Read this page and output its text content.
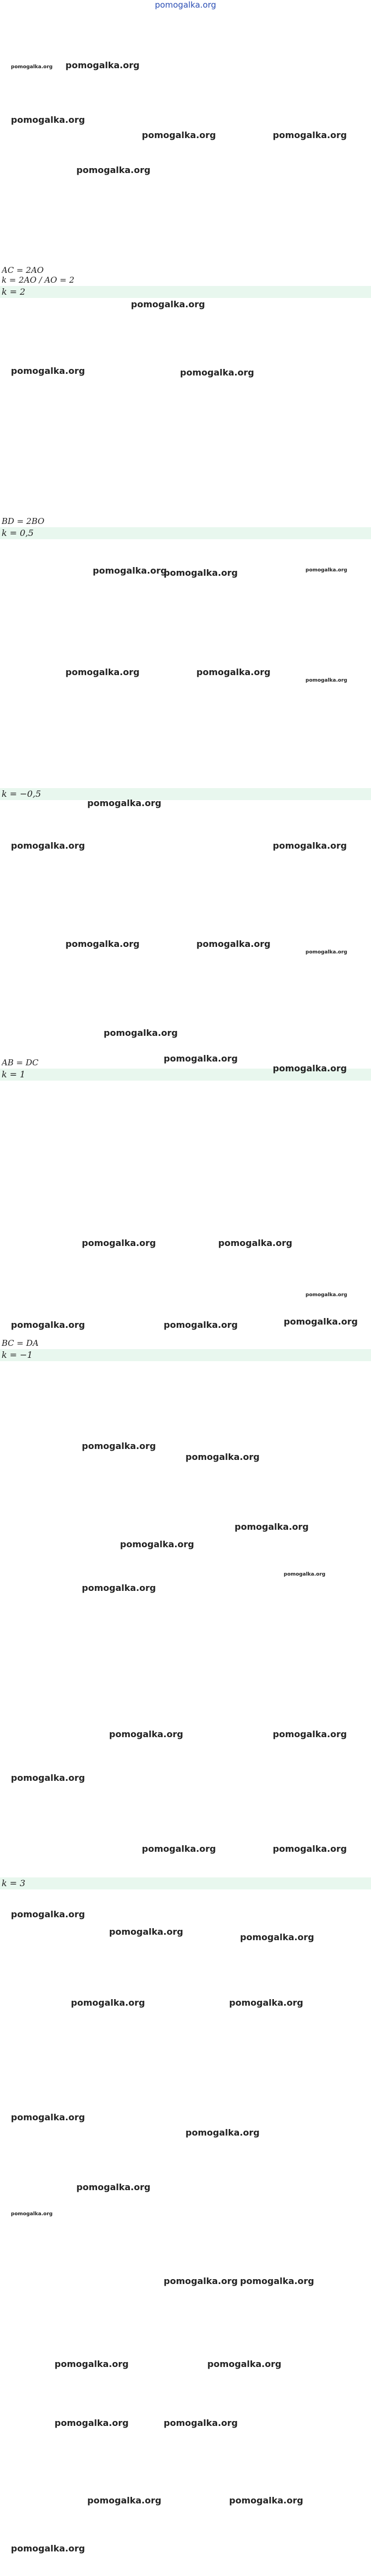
pomogalka.org
AC = 2AO
k = 2AO / AO = 2
k = 2
BD = 2BO
k = 0,5
k = −0,5
AB = DC
k = 1
BC = DA
k = −1
k = 3
pomogalka.org
pomogalka.org
pomogalka.org	pomogalka.org
pomogalka.org
pomogalka.org
pomogalka.org
pomogalka.org	pomogalka.org
pomogalka.org
pomogalka.org	pomogalka.org
pomogalka.org	pomogalka.org
pomogalka.org
pomogalka.org
pomogalka.org	pomogalka.org
pomogalka.org	pomogalka.org
pomogalka.org
pomogalka.org
pomogalka.org
pomogalka.org
pomogalka.org	pomogalka.org
pomogalka.org
pomogalka.org	pomogalka.org	pomogalka.org
pomogalka.org
pomogalka.org
pomogalka.org
pomogalka.org
pomogalka.org
pomogalka.org
pomogalka.org	pomogalka.org
pomogalka.org
pomogalka.org	pomogalka.org
pomogalka.org
pomogalka.org
pomogalka.org
pomogalka.org	pomogalka.org
pomogalka.org
pomogalka.org
pomogalka.org
pomogalka.org
pomogalka.org pomogalka.org
pomogalka.org	pomogalka.org
pomogalka.org	pomogalka.org
pomogalka.org	pomogalka.org
pomogalka.org
